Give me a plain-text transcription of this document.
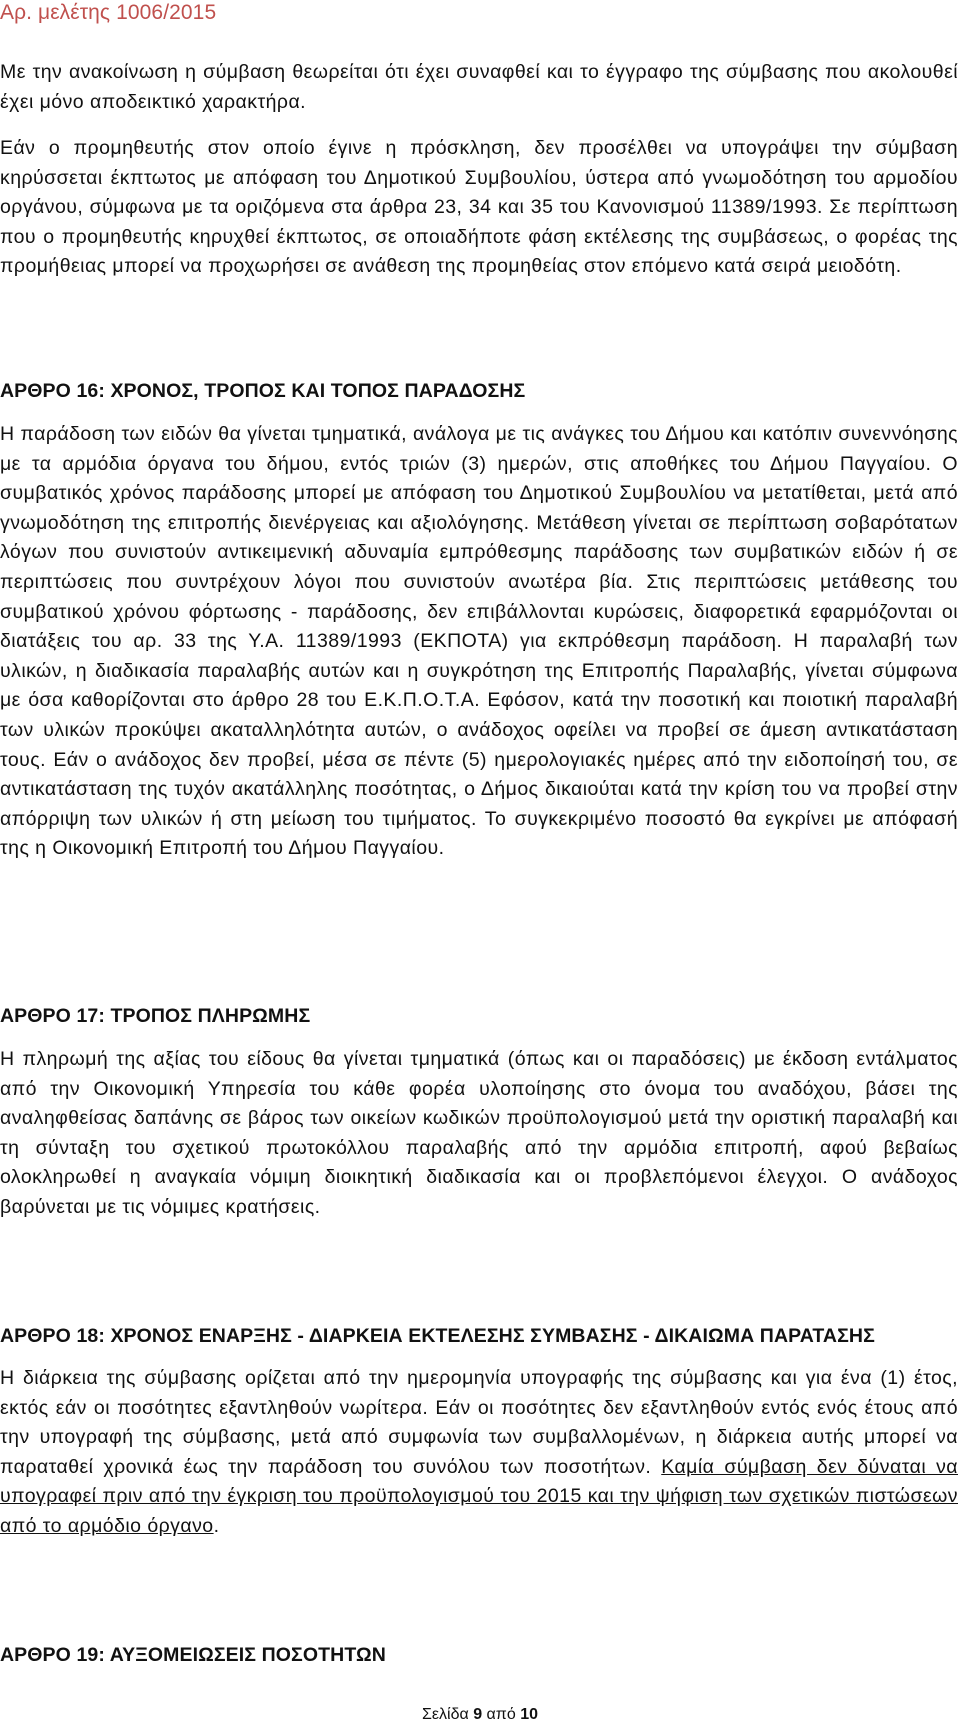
Αρ. μελέτης 1006/2015
Με την ανακοίνωση η σύμβαση θεωρείται ότι έχει συναφθεί και το έγγραφο της σύμβασης που ακολουθεί έχει μόνο αποδεικτικό χαρακτήρα.
Εάν ο προμηθευτής στον οποίο έγινε η πρόσκληση, δεν προσέλθει να υπογράψει την σύμβαση κηρύσσεται έκπτωτος με απόφαση του Δημοτικού Συμβουλίου, ύστερα από γνωμοδότηση του αρμοδίου οργάνου, σύμφωνα με τα οριζόμενα στα άρθρα 23, 34 και 35 του Κανονισμού 11389/1993. Σε περίπτωση που ο προμηθευτής κηρυχθεί έκπτωτος, σε οποιαδήποτε φάση εκτέλεσης της συμβάσεως, ο φορέας της προμήθειας μπορεί να προχωρήσει σε ανάθεση της προμηθείας στον επόμενο κατά σειρά μειοδότη.
ΑΡΘΡΟ 16: ΧΡΟΝΟΣ, ΤΡΟΠΟΣ ΚΑΙ ΤΟΠΟΣ ΠΑΡΑΔΟΣΗΣ
Η παράδοση των ειδών θα γίνεται τμηματικά, ανάλογα με τις ανάγκες του Δήμου και κατόπιν συνεννόησης με τα αρμόδια όργανα του δήμου, εντός τριών (3) ημερών, στις αποθήκες του Δήμου Παγγαίου. Ο συμβατικός χρόνος παράδοσης μπορεί με απόφαση του Δημοτικού Συμβουλίου να μετατίθεται, μετά από γνωμοδότηση της επιτροπής διενέργειας και αξιολόγησης. Μετάθεση γίνεται σε περίπτωση σοβαρότατων λόγων που συνιστούν αντικειμενική αδυναμία εμπρόθεσμης παράδοσης των συμβατικών ειδών ή σε περιπτώσεις που συντρέχουν λόγοι που συνιστούν ανωτέρα βία. Στις περιπτώσεις μετάθεσης του συμβατικού χρόνου φόρτωσης - παράδοσης, δεν επιβάλλονται κυρώσεις, διαφορετικά εφαρμόζονται οι διατάξεις του αρ. 33 της Υ.Α. 11389/1993 (ΕΚΠΟΤΑ) για εκπρόθεσμη παράδοση. Η παραλαβή των υλικών, η διαδικασία παραλαβής αυτών και η συγκρότηση της Επιτροπής Παραλαβής, γίνεται σύμφωνα με όσα καθορίζονται στο άρθρο 28 του Ε.Κ.Π.Ο.Τ.Α. Εφόσον, κατά την ποσοτική και ποιοτική παραλαβή των υλικών προκύψει ακαταλληλότητα αυτών, ο ανάδοχος οφείλει να προβεί σε άμεση αντικατάσταση τους. Εάν ο ανάδοχος δεν προβεί, μέσα σε πέντε (5) ημερολογιακές ημέρες από την ειδοποίησή του, σε αντικατάσταση της τυχόν ακατάλληλης ποσότητας, ο Δήμος δικαιούται κατά την κρίση του να προβεί στην απόρριψη των υλικών ή στη μείωση του τιμήματος. Το συγκεκριμένο ποσοστό θα εγκρίνει με απόφασή της η Οικονομική Επιτροπή του Δήμου Παγγαίου.
ΑΡΘΡΟ 17: ΤΡΟΠΟΣ ΠΛΗΡΩΜΗΣ
Η πληρωμή της αξίας του είδους θα γίνεται τμηματικά (όπως και οι παραδόσεις) με έκδοση εντάλματος από την Οικονομική Υπηρεσία του κάθε φορέα υλοποίησης στο όνομα του αναδόχου, βάσει της αναληφθείσας δαπάνης σε βάρος των οικείων κωδικών προϋπολογισμού μετά την οριστική παραλαβή και τη σύνταξη του σχετικού πρωτοκόλλου παραλαβής από την αρμόδια επιτροπή, αφού βεβαίως ολοκληρωθεί η αναγκαία νόμιμη διοικητική διαδικασία και οι προβλεπόμενοι έλεγχοι. Ο ανάδοχος βαρύνεται με τις νόμιμες κρατήσεις.
ΑΡΘΡΟ 18: ΧΡΟΝΟΣ ΕΝΑΡΞΗΣ - ΔΙΑΡΚΕΙΑ ΕΚΤΕΛΕΣΗΣ ΣΥΜΒΑΣΗΣ - ΔΙΚΑΙΩΜΑ ΠΑΡΑΤΑΣΗΣ
Η διάρκεια της σύμβασης ορίζεται από την ημερομηνία υπογραφής της σύμβασης και για ένα (1) έτος, εκτός εάν οι ποσότητες εξαντληθούν νωρίτερα. Εάν οι ποσότητες δεν εξαντληθούν εντός ενός έτους από την υπογραφή της σύμβασης, μετά από συμφωνία των συμβαλλομένων, η διάρκεια αυτής μπορεί να παραταθεί χρονικά έως την παράδοση του συνόλου των ποσοτήτων. Καμία σύμβαση δεν δύναται να υπογραφεί πριν από την έγκριση του προϋπολογισμού του 2015 και την ψήφιση των σχετικών πιστώσεων από το αρμόδιο όργανο.
ΑΡΘΡΟ 19: ΑΥΞΟΜΕΙΩΣΕΙΣ ΠΟΣΟΤΗΤΩΝ
Σελίδα 9 από 10
